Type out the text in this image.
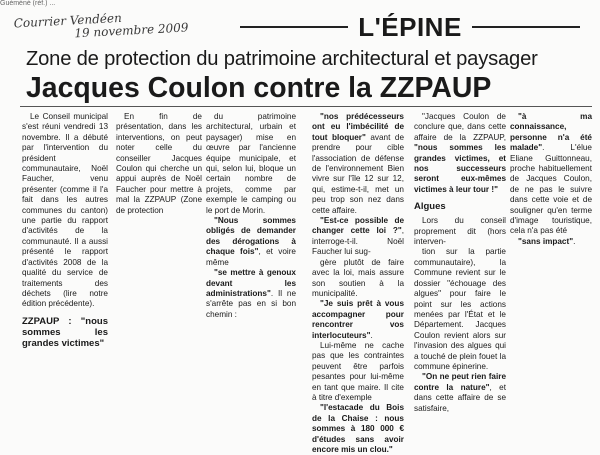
Guéméné (réf.) ...
Courrier Vendéen
19 novembre 2009	L'ÉPINE
Zone de protection du patrimoine architectural et paysager
Jacques Coulon contre la ZZPAUP

Le Conseil municipal s'est réuni vendredi 13 novembre. Il a débuté par l'intervention du président communautaire, Noël Faucher, venu présenter (comme il l'a fait dans les autres communes du canton) une partie du rapport d'activités de la communauté. Il a aussi présenté le rapport d'activités 2008 de la qualité du service de traitements des déchets (lire notre édition précédente).

ZZPAUP : "nous sommes les grandes victimes"

En fin de présentation, dans les interventions, on peut noter celle du conseiller Jacques Coulon qui cherche un appui auprès de Noël Faucher pour mettre à mal la ZZPAUP (Zone de protection

du patrimoine architectural, urbain et paysager) mise en œuvre par l'ancienne équipe municipale, et qui, selon lui, bloque un certain nombre de projets, comme par exemple le camping ou le port de Morin.

"Nous sommes obligés de demander des dérogations à chaque fois", et voire même

"se mettre à genoux devant les administrations". Il ne s'arrête pas en si bon chemin :

"nos prédécesseurs ont eu l'imbécilité de tout bloquer" avant de prendre pour cible l'association de défense de l'environnement Bien vivre sur l'île 12 sur 12, qui, estime-t-il, met un peu trop son nez dans cette affaire.

"Est-ce possible de changer cette loi ?", interroge-t-il. Noël Faucher lui sug-

gère plutôt de faire avec la loi, mais assure son soutien à la municipalité.

"Je suis prêt à vous accompagner pour rencontrer vos interlocuteurs".

Lui-même ne cache pas que les contraintes peuvent être parfois pesantes pour lui-même en tant que maire. Il cite à titre d'exemple

"l'estacade du Bois de la Chaise : nous sommes à 180 000 € d'études sans avoir encore mis un clou."

"Jacques Coulon de conclure que, dans cette affaire de la ZZPAUP, "nous sommes les grandes victimes, et nos successeurs seront eux-mêmes victimes à leur tour !"

Algues

Lors du conseil proprement dit (hors interven-

tion sur la partie communautaire), la Commune revient sur le dossier "échouage des algues" pour faire le point sur les actions menées par l'État et le Département. Jacques Coulon revient alors sur l'invasion des algues qui a touché de plein fouet la commune épinerine.

"On ne peut rien faire contre la nature", et dans cette affaire de se satisfaire,

"à ma connaissance, personne n'a été malade". L'élue Eliane Guittonneau, proche habituellement de Jacques Coulon, de ne pas le suivre dans cette voie et de souligner qu'en terme d'image touristique, cela n'a pas été

"sans impact".
